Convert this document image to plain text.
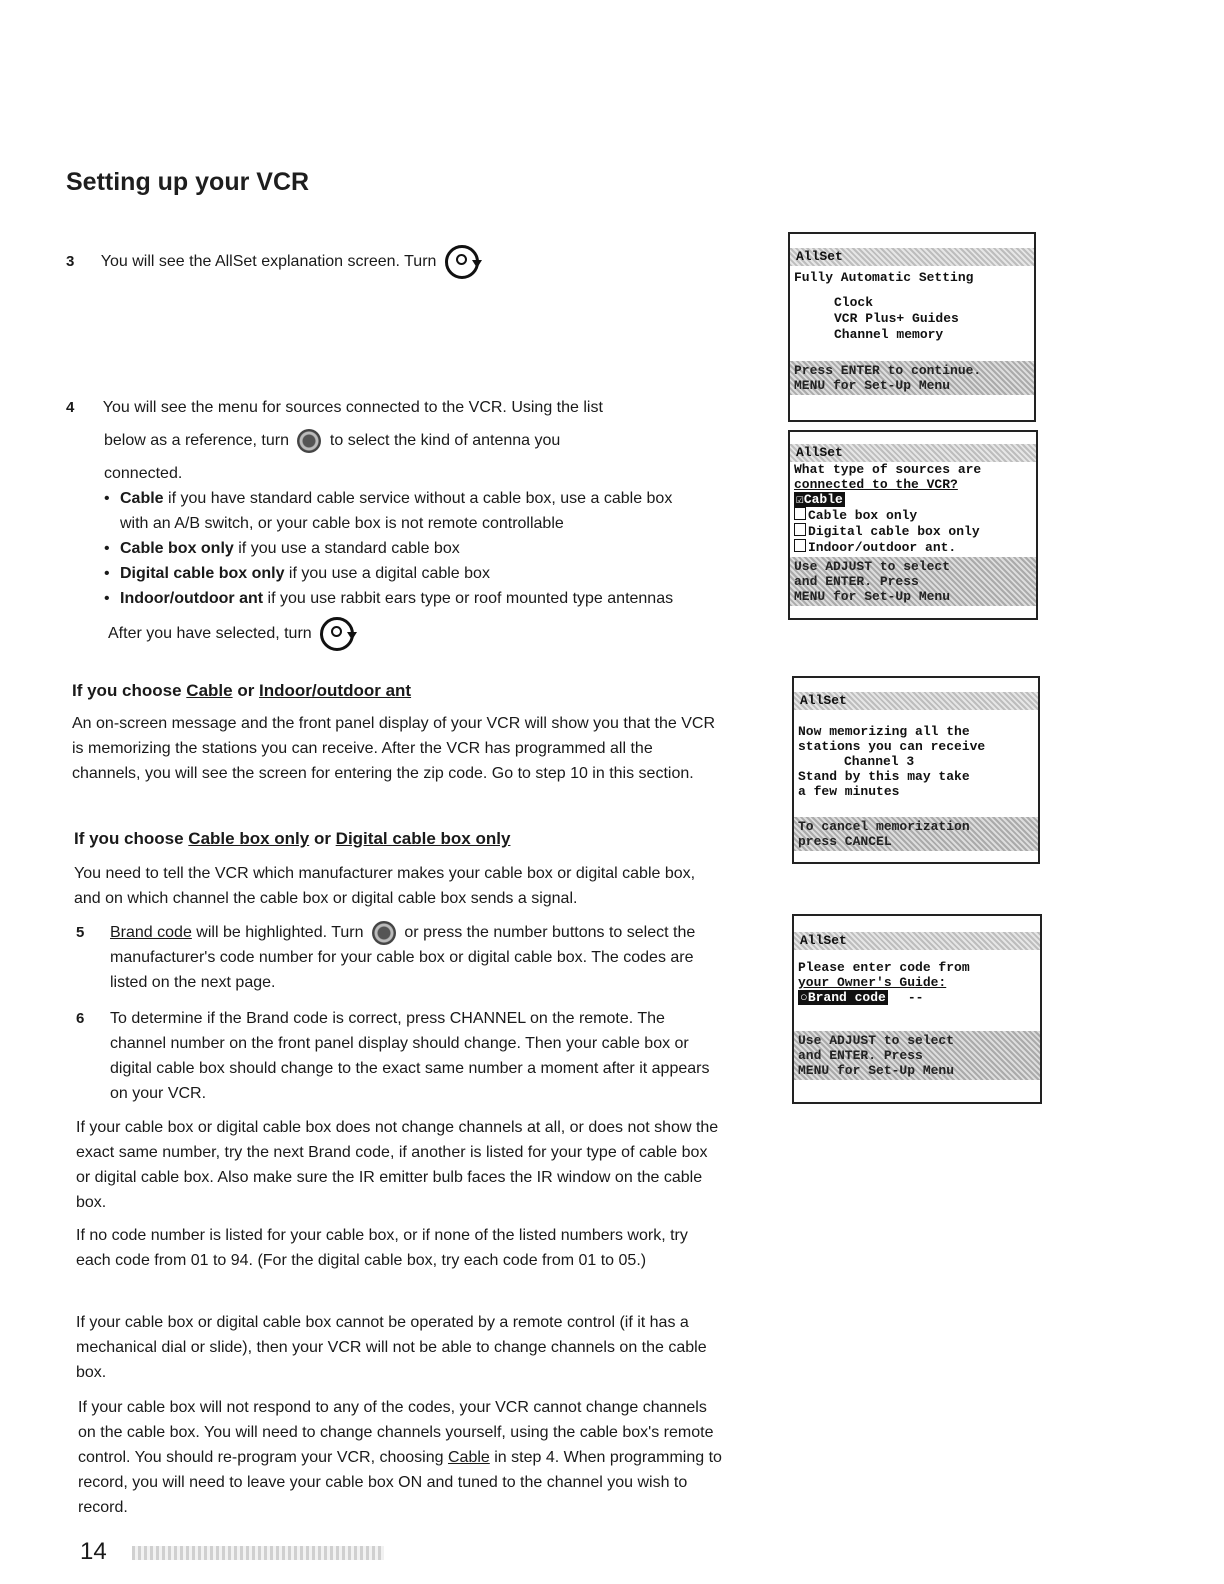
Setting up your VCR
3 You will see the AllSet explanation screen. Turn
4 You will see the menu for sources connected to the VCR. Using the list
below as a reference, turn	to select the kind of antenna you
connected.
• Cable if you have standard cable service without a cable box, use a cable box with an A/B switch, or your cable box is not remote controllable
• Cable box only if you use a standard cable box
• Digital cable box only if you use a digital cable box
• Indoor/outdoor ant if you use rabbit ears type or roof mounted type antennas
After you have selected, turn
If you choose Cable or Indoor/outdoor ant
An on-screen message and the front panel display of your VCR will show you that the VCR is memorizing the stations you can receive. After the VCR has programmed all the channels, you will see the screen for entering the zip code. Go to step 10 in this section.
If you choose Cable box only or Digital cable box only
You need to tell the VCR which manufacturer makes your cable box or digital cable box, and on which channel the cable box or digital cable box sends a signal.
5 Brand code will be highlighted. Turn	or press the number buttons to select the manufacturer's code number for your cable box or digital cable box. The codes are listed on the next page.
6 To determine if the Brand code is correct, press CHANNEL on the remote. The channel number on the front panel display should change. Then your cable box or digital cable box should change to the exact same number a moment after it appears on your VCR.
If your cable box or digital cable box does not change channels at all, or does not show the exact same number, try the next Brand code, if another is listed for your type of cable box or digital cable box. Also make sure the IR emitter bulb faces the IR window on the cable box.
If no code number is listed for your cable box, or if none of the listed numbers work, try each code from 01 to 94. (For the digital cable box, try each code from 01 to 05.)
If your cable box or digital cable box cannot be operated by a remote control (if it has a mechanical dial or slide), then your VCR will not be able to change channels on the cable box.
If your cable box will not respond to any of the codes, your VCR cannot change channels on the cable box. You will need to change channels yourself, using the cable box's remote control. You should re-program your VCR, choosing Cable in step 4. When programming to record, you will need to leave your cable box ON and tuned to the channel you wish to record.
AllSet
Fully Automatic Setting
Clock
VCR Plus+ Guides
Channel memory
Press ENTER to continue.
MENU for Set-Up Menu
AllSet
What type of sources are
connected to the VCR?
☑Cable
Cable box only
Digital cable box only
Indoor/outdoor ant.
Use ADJUST to select
and ENTER. Press
MENU for Set-Up Menu
AllSet
Now memorizing all the
stations you can receive
Channel 3
Stand by this may take
a few minutes
To cancel memorization
press CANCEL
AllSet
Please enter code from
your Owner's Guide:
○Brand code --
Use ADJUST to select
and ENTER. Press
MENU for Set-Up Menu
14
